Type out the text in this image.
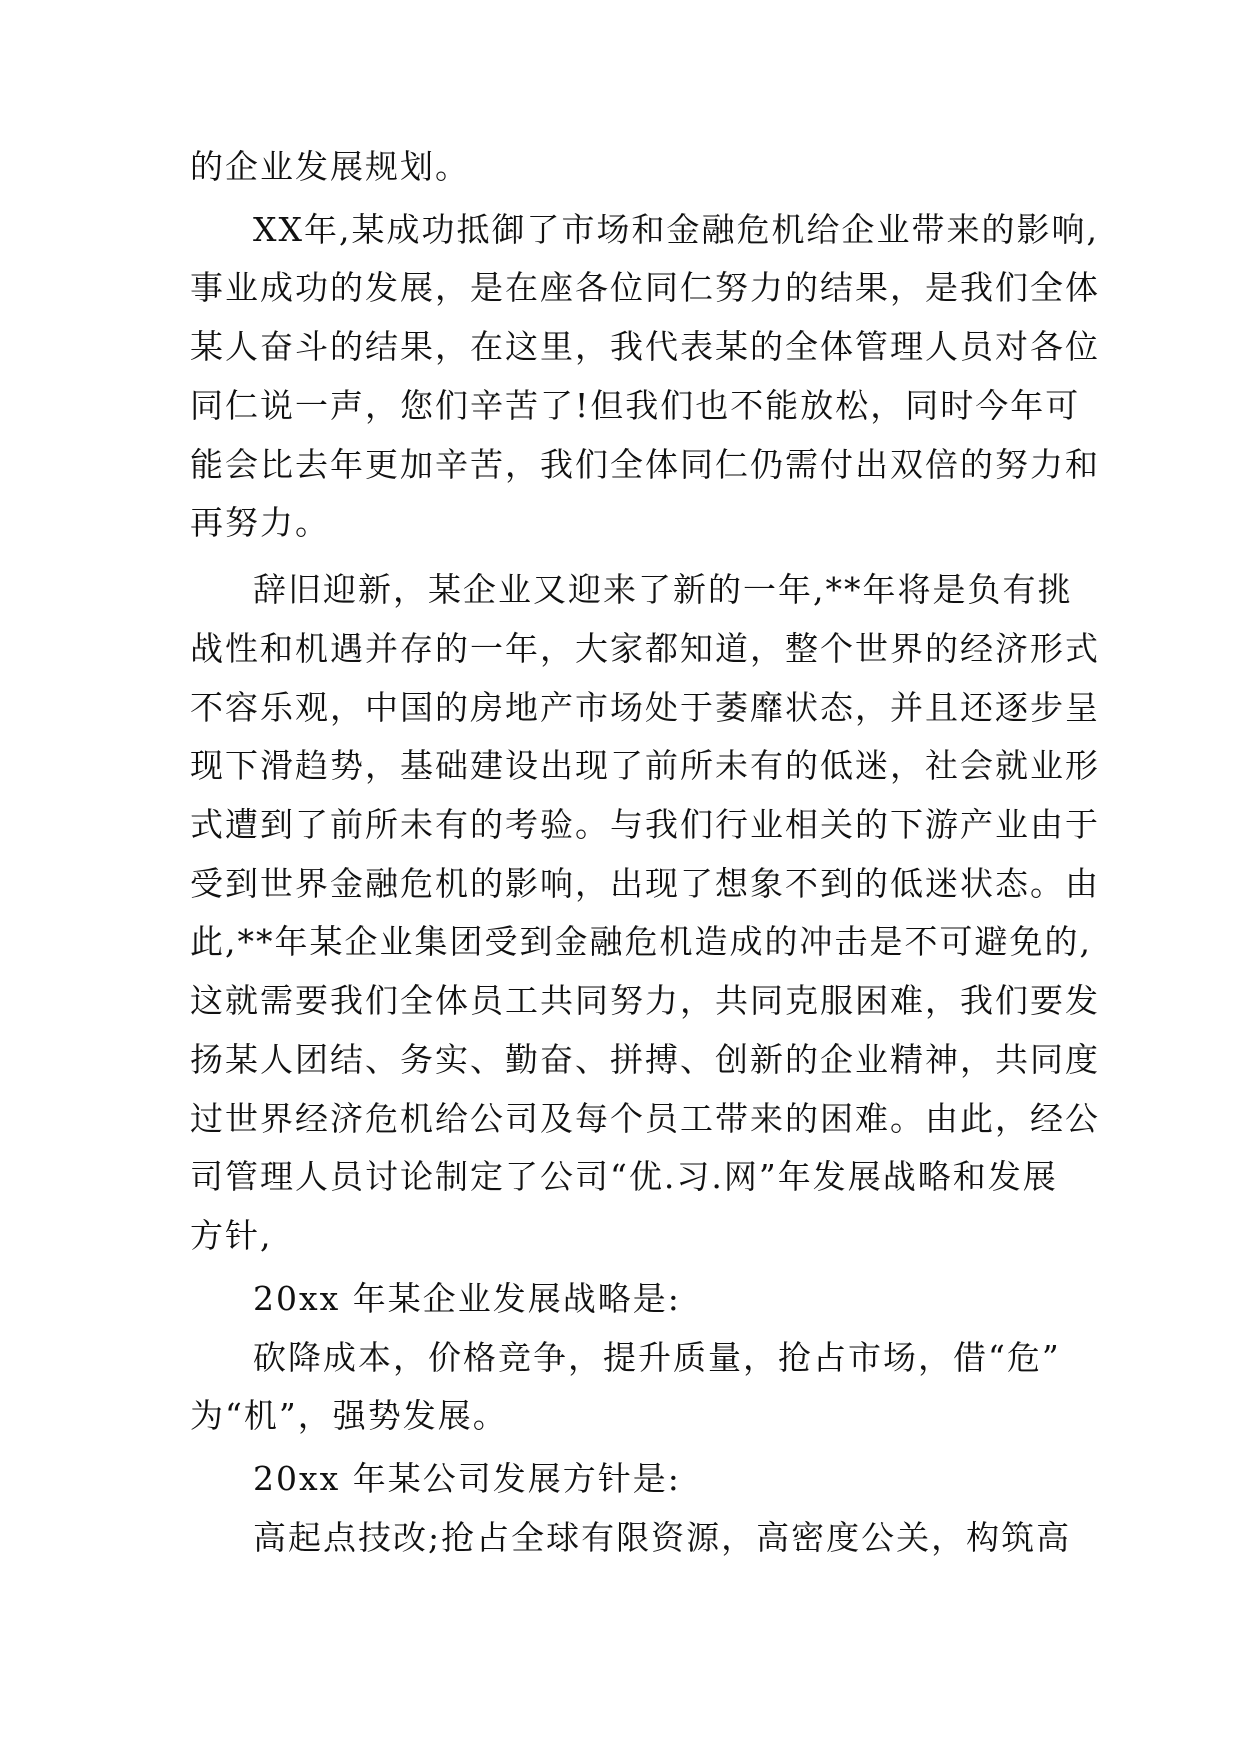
的企业发展规划。
XX年,某成功抵御了市场和金融危机给企业带来的影响,
事业成功的发展，是在座各位同仁努力的结果，是我们全体
某人奋斗的结果，在这里，我代表某的全体管理人员对各位
同仁说一声，您们辛苦了!但我们也不能放松，同时今年可
能会比去年更加辛苦，我们全体同仁仍需付出双倍的努力和
再努力。
辞旧迎新，某企业又迎来了新的一年,**年将是负有挑
战性和机遇并存的一年，大家都知道，整个世界的经济形式
不容乐观，中国的房地产市场处于萎靡状态，并且还逐步呈
现下滑趋势，基础建设出现了前所未有的低迷，社会就业形
式遭到了前所未有的考验。与我们行业相关的下游产业由于
受到世界金融危机的影响，出现了想象不到的低迷状态。由
此,**年某企业集团受到金融危机造成的冲击是不可避免的,
这就需要我们全体员工共同努力，共同克服困难，我们要发
扬某人团结、务实、勤奋、拼搏、创新的企业精神，共同度
过世界经济危机给公司及每个员工带来的困难。由此，经公
司管理人员讨论制定了公司“优.习.网”年发展战略和发展
方针,
20xx 年某企业发展战略是:
砍降成本，价格竞争，提升质量，抢占市场，借“危”
为“机”，强势发展。
20xx 年某公司发展方针是:
高起点技改;抢占全球有限资源，高密度公关，构筑高
